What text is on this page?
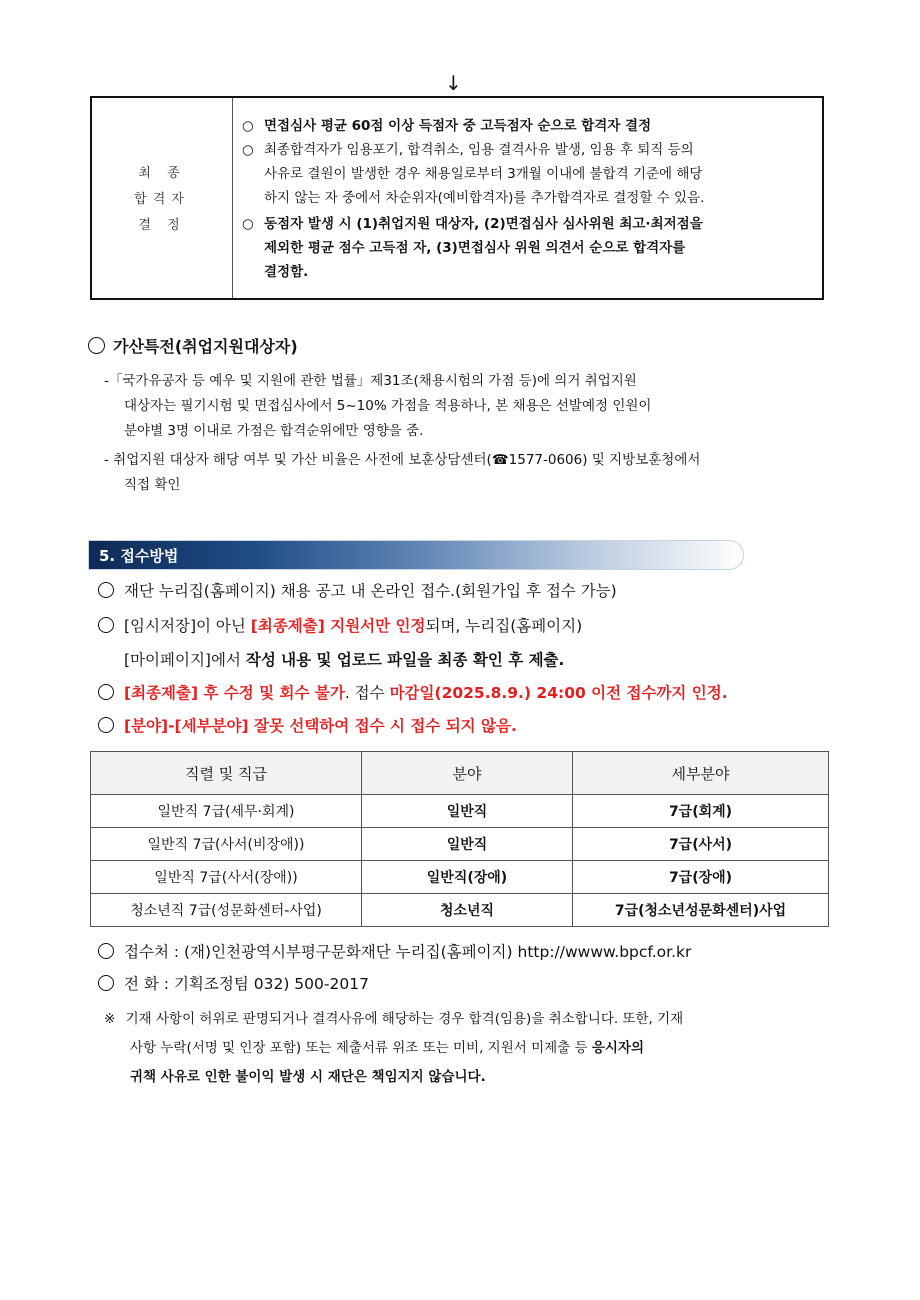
↓
최 종
합격자
결 정
○ 면접심사 평균 60점 이상 득점자 중 고득점자 순으로 합격자 결정
○ 최종합격자가 임용포기, 합격취소, 임용 결격사유 발생, 임용 후 퇴직 등의
사유로 결원이 발생한 경우 채용일로부터 3개월 이내에 불합격 기준에 해당
하지 않는 자 중에서 차순위자(예비합격자)를 추가합격자로 결정할 수 있음.
○ 동점자 발생 시 (1)취업지원 대상자, (2)면접심사 심사위원 최고·최저점을
제외한 평균 점수 고득점 자, (3)면접심사 위원 의견서 순으로 합격자를
결정함.
가산특전(취업지원대상자)
-「국가유공자 등 예우 및 지원에 관한 법률」제31조(채용시험의 가점 등)에 의거 취업지원
대상자는 필기시험 및 면접심사에서 5~10% 가점을 적용하나, 본 채용은 선발예정 인원이
분야별 3명 이내로 가점은 합격순위에만 영향을 줌.
- 취업지원 대상자 해당 여부 및 가산 비율은 사전에 보훈상담센터(☎1577-0606) 및 지방보훈청에서
직접 확인
5. 접수방법
재단 누리집(홈페이지) 채용 공고 내 온라인 접수.(회원가입 후 접수 가능)
[임시저장]이 아닌 [최종제출] 지원서만 인정되며, 누리집(홈페이지)
[마이페이지]에서 작성 내용 및 업로드 파일을 최종 확인 후 제출.
[최종제출] 후 수정 및 회수 불가. 접수 마감일(2025.8.9.) 24:00 이전 접수까지 인정.
[분야]-[세부분야] 잘못 선택하여 접수 시 접수 되지 않음.
직렬 및 직급	분야	세부분야
일반직 7급(세무·회계)	일반직	7급(회계)
일반직 7급(사서(비장애))	일반직	7급(사서)
일반직 7급(사서(장애))	일반직(장애)	7급(장애)
청소년직 7급(성문화센터-사업)	청소년직	7급(청소년성문화센터)사업
접수처 : (재)인천광역시부평구문화재단 누리집(홈페이지) http://wwww.bpcf.or.kr
전 화 : 기획조정팀 032) 500-2017
※ 기재 사항이 허위로 판명되거나 결격사유에 해당하는 경우 합격(임용)을 취소합니다. 또한, 기재
사항 누락(서명 및 인장 포함) 또는 제출서류 위조 또는 미비, 지원서 미제출 등 응시자의
귀책 사유로 인한 불이익 발생 시 재단은 책임지지 않습니다.
